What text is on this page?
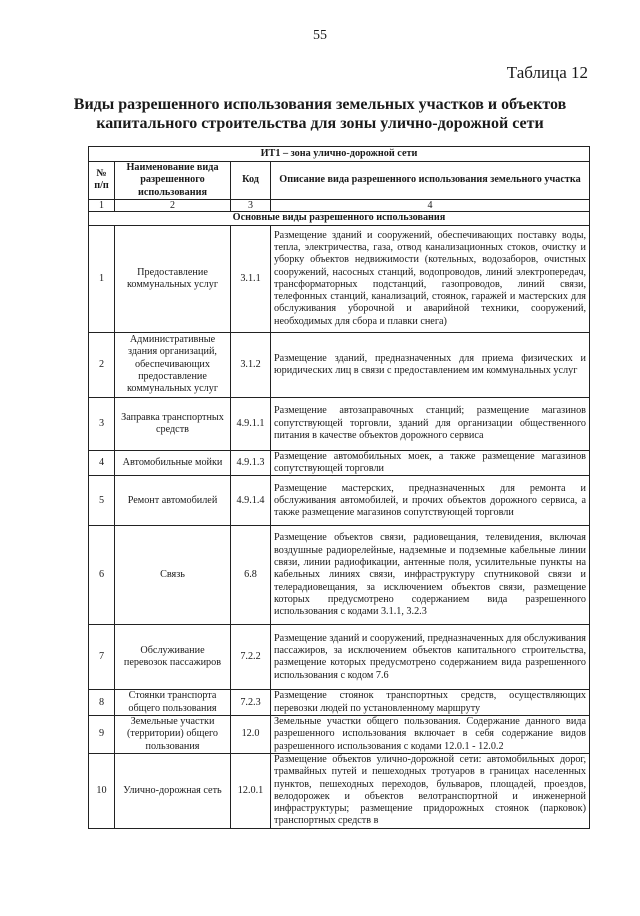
55
Таблица 12
Виды разрешенного использования земельных участков и объектов капитального строительства для зоны улично-дорожной сети
ИТ1 – зона улично-дорожной сети			
№ п/п	Наименование вида разрешенного использования	Код	Описание вида разрешенного использования земельного участка
1	2	3	4
Основные виды разрешенного использования			
1	Предоставление коммунальных услуг	3.1.1	Размещение зданий и сооружений, обеспечивающих поставку воды, тепла, электричества, газа, отвод канализационных стоков, очистку и уборку объектов недвижимости (котельных, водозаборов, очистных сооружений, насосных станций, водопроводов, линий электропередач, трансформаторных подстанций, газопроводов, линий связи, телефонных станций, канализаций, стоянок, гаражей и мастерских для обслуживания уборочной и аварийной техники, сооружений, необходимых для сбора и плавки снега)
2	Административные здания организаций, обеспечивающих предоставление коммунальных услуг	3.1.2	Размещение зданий, предназначенных для приема физических и юридических лиц в связи с предоставлением им коммунальных услуг
3	Заправка транспортных средств	4.9.1.1	Размещение автозаправочных станций; размещение магазинов сопутствующей торговли, зданий для организации общественного питания в качестве объектов дорожного сервиса
4	Автомобильные мойки	4.9.1.3	Размещение автомобильных моек, а также размещение магазинов сопутствующей торговли
5	Ремонт автомобилей	4.9.1.4	Размещение мастерских, предназначенных для ремонта и обслуживания автомобилей, и прочих объектов дорожного сервиса, а также размещение магазинов сопутствующей торговли
6	Связь	6.8	Размещение объектов связи, радиовещания, телевидения, включая воздушные радиорелейные, надземные и подземные кабельные линии связи, линии радиофикации, антенные поля, усилительные пункты на кабельных линиях связи, инфраструктуру спутниковой связи и телерадиовещания, за исключением объектов связи, размещение которых предусмотрено содержанием вида разрешенного использования с кодами 3.1.1, 3.2.3
7	Обслуживание перевозок пассажиров	7.2.2	Размещение зданий и сооружений, предназначенных для обслуживания пассажиров, за исключением объектов капитального строительства, размещение которых предусмотрено содержанием вида разрешенного использования с кодом 7.6
8	Стоянки транспорта общего пользования	7.2.3	Размещение стоянок транспортных средств, осуществляющих перевозки людей по установленному маршруту
9	Земельные участки (территории) общего пользования	12.0	Земельные участки общего пользования. Содержание данного вида разрешенного использования включает в себя содержание видов разрешенного использования с кодами 12.0.1 - 12.0.2
10	Улично-дорожная сеть	12.0.1	Размещение объектов улично-дорожной сети: автомобильных дорог, трамвайных путей и пешеходных тротуаров в границах населенных пунктов, пешеходных переходов, бульваров, площадей, проездов, велодорожек и объектов велотранспортной и инженерной инфраструктуры; размещение придорожных стоянок (парковок) транспортных средств в
